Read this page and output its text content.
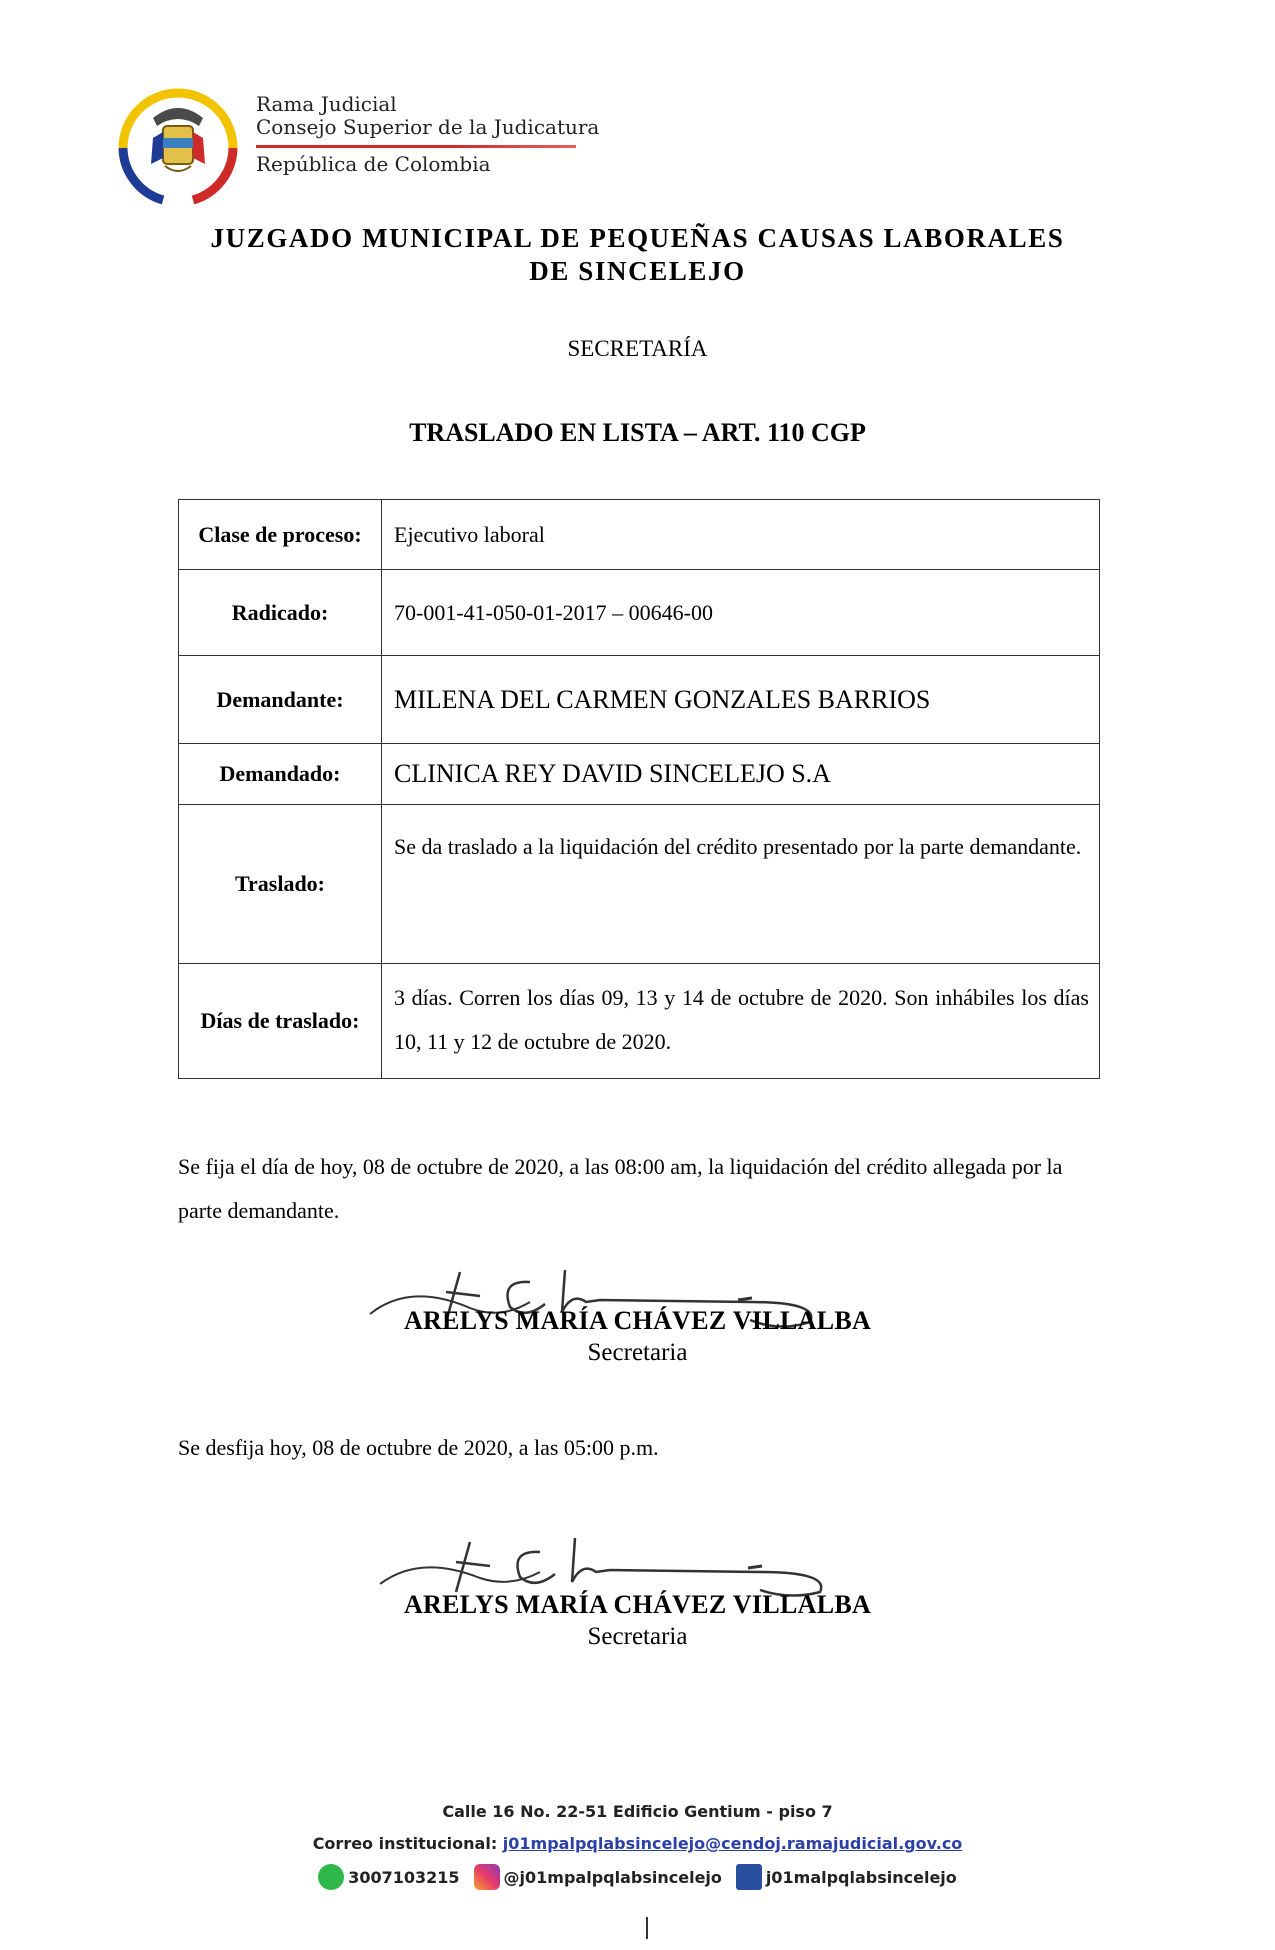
Rama Judicial
Consejo Superior de la Judicatura
República de Colombia
JUZGADO MUNICIPAL DE PEQUEÑAS CAUSAS LABORALES
DE SINCELEJO
SECRETARÍA
TRASLADO EN LISTA – ART. 110 CGP
Clase de proceso:	Ejecutivo laboral
Radicado:	70-001-41-050-01-2017 – 00646-00
Demandante:	MILENA DEL CARMEN GONZALES BARRIOS
Demandado:	CLINICA REY DAVID SINCELEJO S.A
Traslado:	Se da traslado a la liquidación del crédito presentado por la parte demandante.
Días de traslado:	3 días. Corren los días 09, 13 y 14 de octubre de 2020. Son inhábiles los días 10, 11 y 12 de octubre de 2020.
Se fija el día de hoy, 08 de octubre de 2020, a las 08:00 am, la liquidación del crédito allegada por la parte demandante.
ARELYS MARÍA CHÁVEZ VILLALBA
Secretaria
Se desfija hoy, 08 de octubre de 2020, a las 05:00 p.m.
ARELYS MARÍA CHÁVEZ VILLALBA
Secretaria
Calle 16 No. 22-51 Edificio Gentium - piso 7
Correo institucional: j01mpalpqlabsincelejo@cendoj.ramajudicial.gov.co
3007103215	@j01mpalpqlabsincelejo	j01malpqlabsincelejo
